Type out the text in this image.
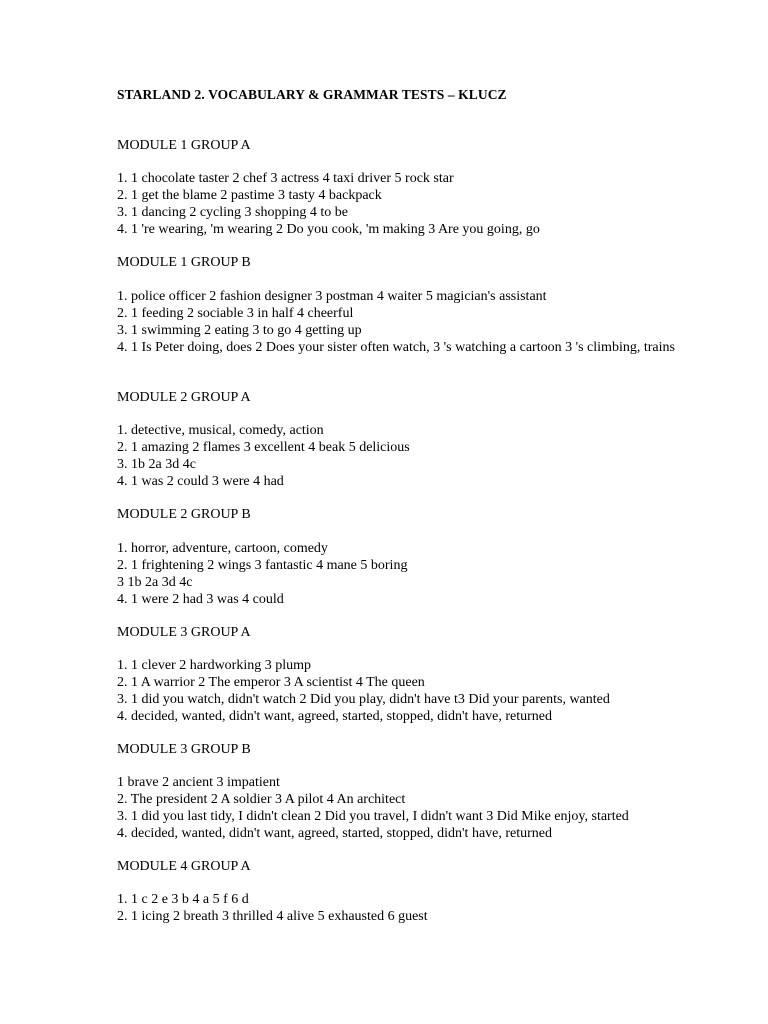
STARLAND 2. VOCABULARY & GRAMMAR TESTS – KLUCZ
MODULE 1 GROUP A
1. 1 chocolate taster 2 chef 3 actress 4 taxi driver 5 rock star
2. 1 get the blame 2 pastime 3 tasty 4 backpack
3. 1 dancing 2 cycling 3 shopping 4 to be
4. 1 're wearing, 'm wearing 2 Do you cook, 'm making 3 Are you going, go
MODULE 1 GROUP B
1. police officer 2 fashion designer 3 postman 4 waiter 5 magician's assistant
2. 1 feeding 2 sociable 3 in half 4 cheerful
3. 1 swimming 2 eating 3 to go 4 getting up
4. 1 Is Peter doing, does 2 Does your sister often watch, 3 's watching a cartoon 3 's climbing, trains
MODULE 2 GROUP A
1. detective, musical, comedy, action
2. 1 amazing 2 flames 3 excellent 4 beak 5 delicious
3. 1b 2a 3d 4c
4. 1 was 2 could 3 were 4 had
MODULE 2 GROUP B
1. horror, adventure, cartoon, comedy
2. 1 frightening 2 wings 3 fantastic 4 mane 5 boring
3 1b 2a 3d 4c
4. 1 were 2 had 3 was 4 could
MODULE 3 GROUP A
1. 1 clever 2 hardworking 3 plump
2. 1 A warrior 2 The emperor 3 A scientist 4 The queen
3. 1 did you watch, didn't watch 2 Did you play, didn't have t3 Did your parents, wanted
4. decided, wanted, didn't want, agreed, started, stopped, didn't have, returned
MODULE 3 GROUP B
1 brave 2 ancient 3 impatient
2. The president 2 A soldier 3 A pilot 4 An architect
3. 1 did you last tidy, I didn't clean 2 Did you travel, I didn't want 3 Did Mike enjoy, started
4. decided, wanted, didn't want, agreed, started, stopped, didn't have, returned
MODULE 4 GROUP A
1. 1 c 2 e 3 b 4 a 5 f 6 d
2. 1 icing 2 breath 3 thrilled 4 alive 5 exhausted 6 guest
